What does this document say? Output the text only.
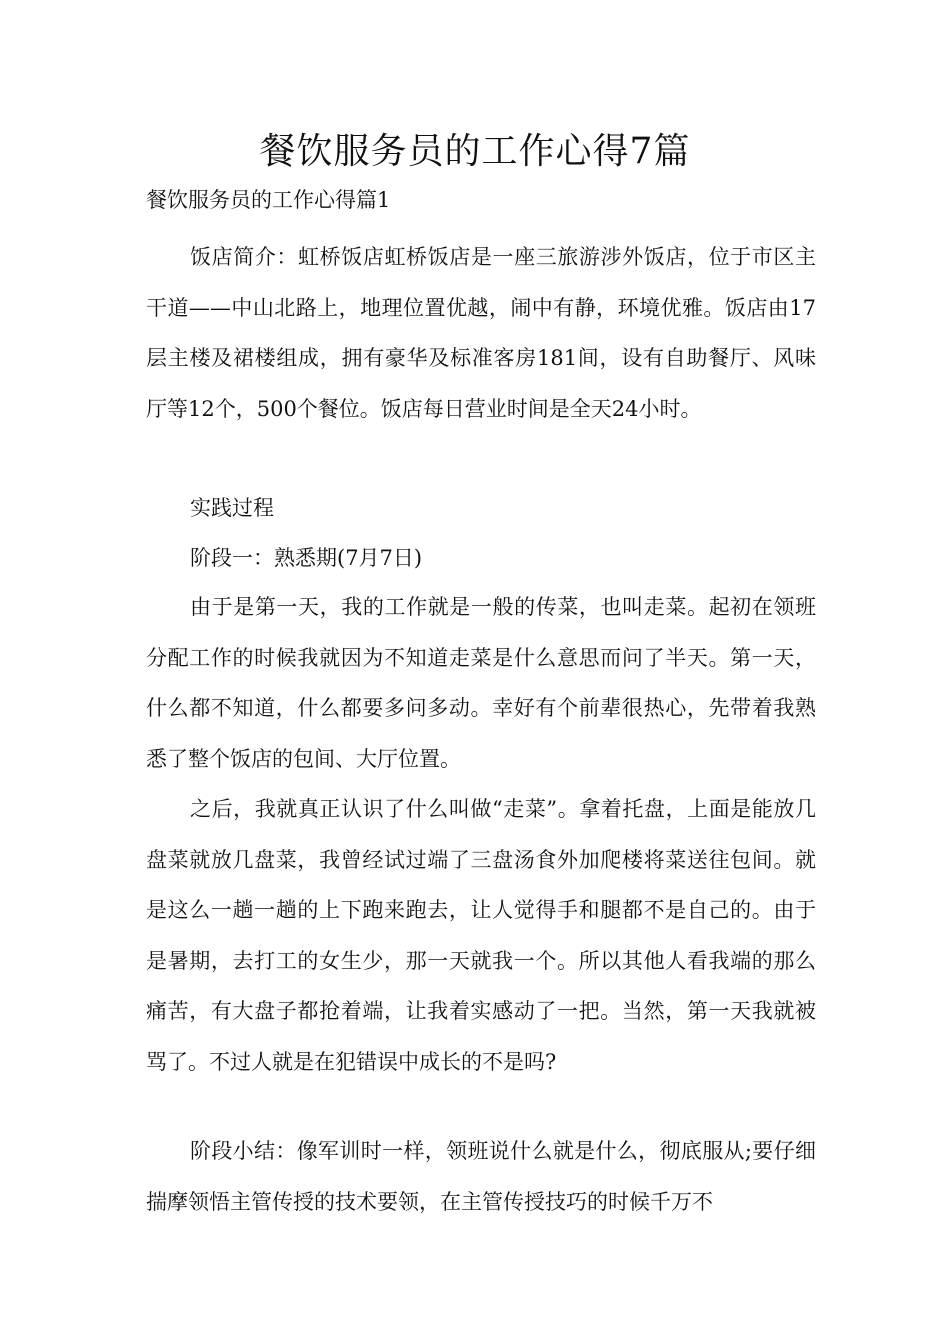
餐饮服务员的工作心得7篇

餐饮服务员的工作心得篇1

饭店简介：虹桥饭店虹桥饭店是一座三旅游涉外饭店，位于市区主干道——中山北路上，地理位置优越，闹中有静，环境优雅。饭店由17层主楼及裙楼组成，拥有豪华及标准客房181间，设有自助餐厅、风味厅等12个，500个餐位。饭店每日营业时间是全天24小时。

实践过程

阶段一：熟悉期(7月7日)

由于是第一天，我的工作就是一般的传菜，也叫走菜。起初在领班分配工作的时候我就因为不知道走菜是什么意思而问了半天。第一天，什么都不知道，什么都要多问多动。幸好有个前辈很热心，先带着我熟悉了整个饭店的包间、大厅位置。

之后，我就真正认识了什么叫做“走菜”。拿着托盘，上面是能放几盘菜就放几盘菜，我曾经试过端了三盘汤食外加爬楼将菜送往包间。就是这么一趟一趟的上下跑来跑去，让人觉得手和腿都不是自己的。由于是暑期，去打工的女生少，那一天就我一个。所以其他人看我端的那么痛苦，有大盘子都抢着端，让我着实感动了一把。当然，第一天我就被骂了。不过人就是在犯错误中成长的不是吗?

阶段小结：像军训时一样，领班说什么就是什么，彻底服从;要仔细揣摩领悟主管传授的技术要领，在主管传授技巧的时候千万不
